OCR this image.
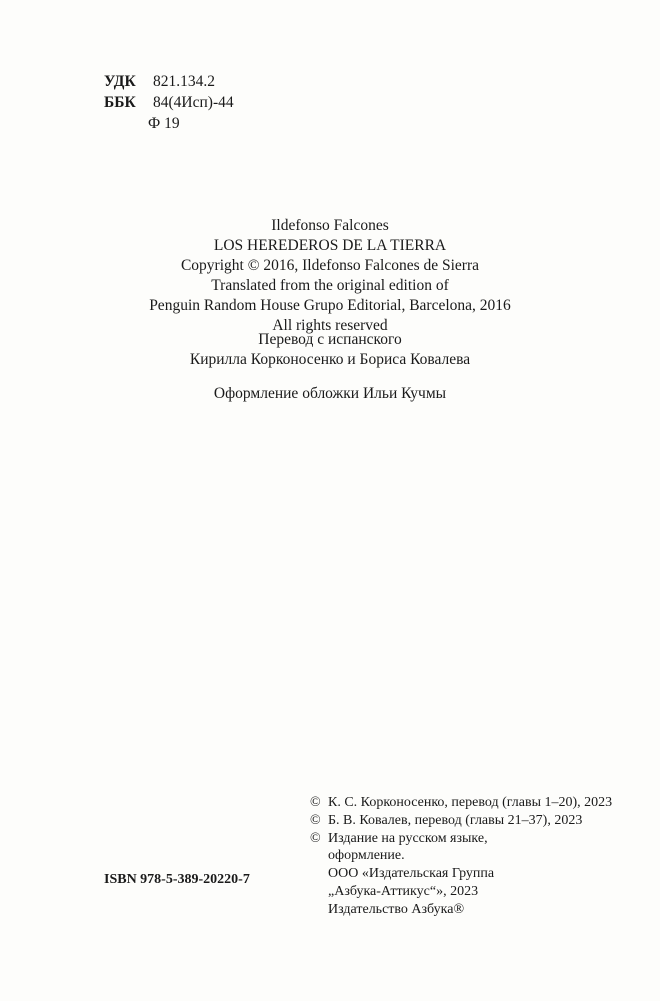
УДК	821.134.2
ББК	84(4Исп)-44
Ф 19
Ildefonso Falcones
LOS HEREDEROS DE LA TIERRA
Copyright © 2016, Ildefonso Falcones de Sierra
Translated from the original edition of
Penguin Random House Grupo Editorial, Barcelona, 2016
All rights reserved
Перевод с испанского
Кирилла Корконосенко и Бориса Ковалева
Оформление обложки Ильи Кучмы
© К. С. Корконосенко, перевод (главы 1–20), 2023
© Б. В. Ковалев, перевод (главы 21–37), 2023
© Издание на русском языке,
оформление.
ООО «Издательская Группа
„Азбука-Аттикус“», 2023
Издательство Азбука®
ISBN 978-5-389-20220-7
